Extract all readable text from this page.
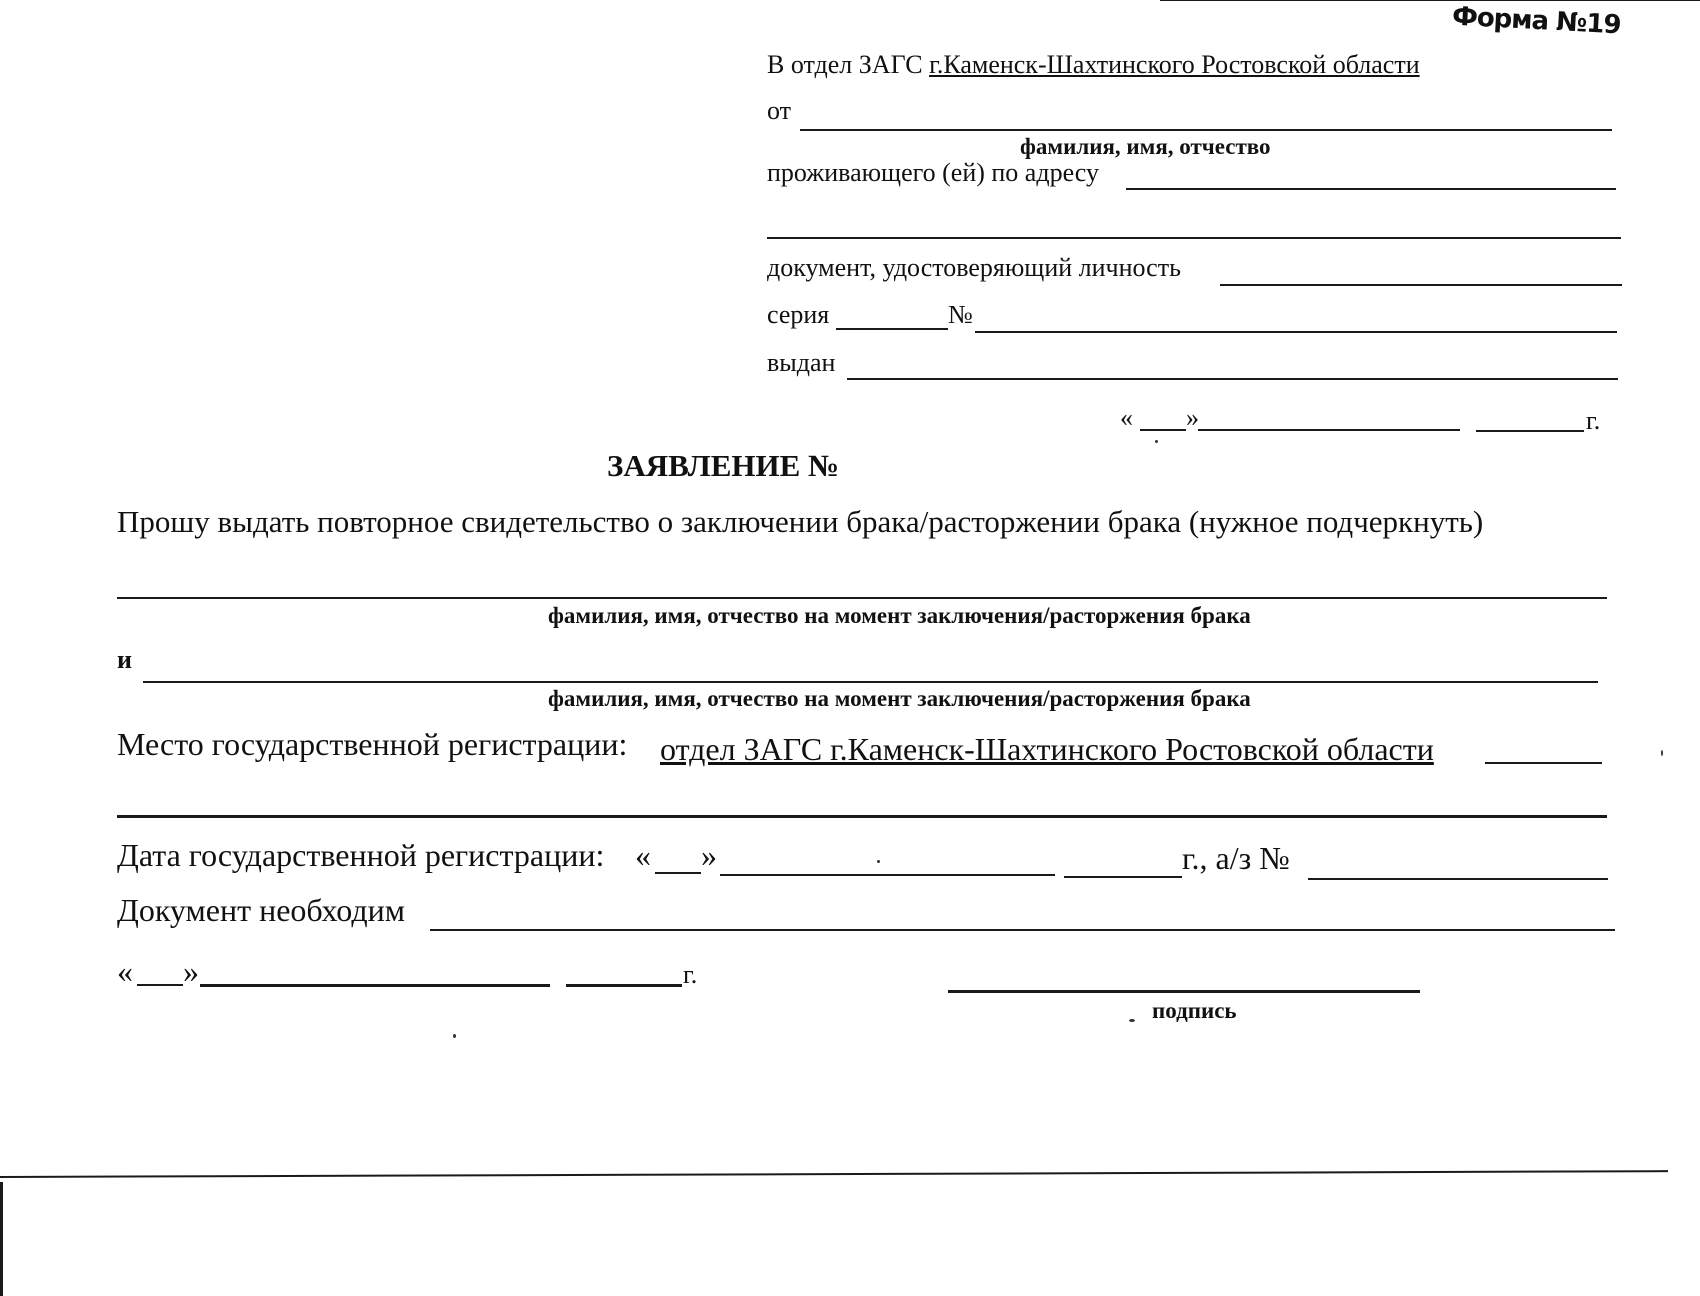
Форма №19
В отдел ЗАГС г.Каменск-Шахтинского Ростовской области
от
фамилия, имя, отчество
проживающего (ей) по адресу
документ, удостоверяющий личность
серия	№
выдан
« »	г.
ЗАЯВЛЕНИЕ №
Прошу выдать повторное свидетельство о заключении брака/расторжении брака (нужное подчеркнуть)
фамилия, имя, отчество на момент заключения/расторжения брака
и
фамилия, имя, отчество на момент заключения/расторжения брака
Место государственной регистрации: отдел ЗАГС г.Каменск-Шахтинского Ростовской области
Дата государственной регистрации: « »	г., а/з №
Документ необходим
« »	г.
подпись
